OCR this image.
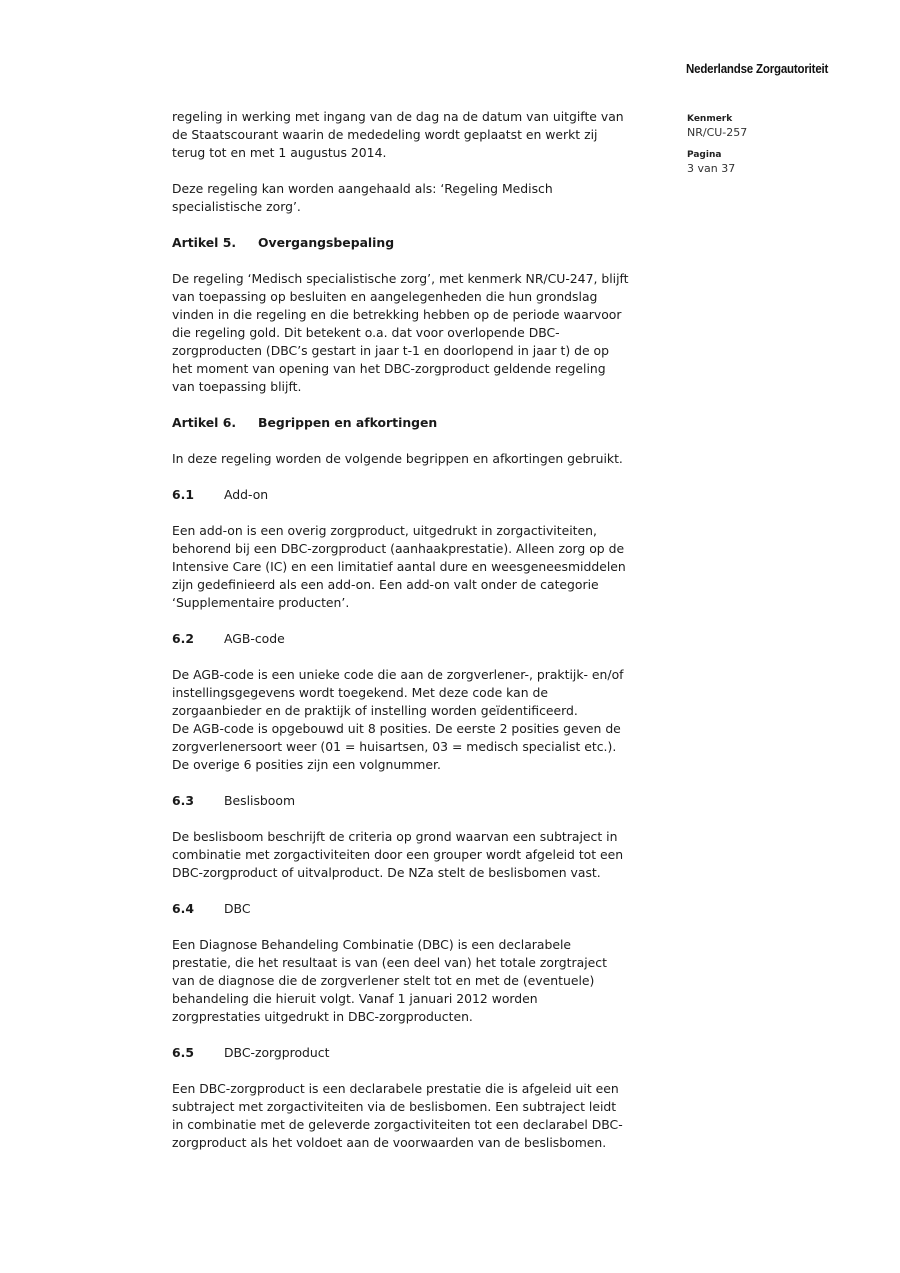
Nederlandse Zorgautoriteit
Kenmerk
NR/CU-257
Pagina
3 van 37

regeling in werking met ingang van de dag na de datum van uitgifte van
de Staatscourant waarin de mededeling wordt geplaatst en werkt zij
terug tot en met 1 augustus 2014.

Deze regeling kan worden aangehaald als: ‘Regeling Medisch
specialistische zorg’.

Artikel 5. Overgangsbepaling

De regeling ‘Medisch specialistische zorg’, met kenmerk NR/CU-247, blijft
van toepassing op besluiten en aangelegenheden die hun grondslag
vinden in die regeling en die betrekking hebben op de periode waarvoor
die regeling gold. Dit betekent o.a. dat voor overlopende DBC-
zorgproducten (DBC’s gestart in jaar t-1 en doorlopend in jaar t) de op
het moment van opening van het DBC-zorgproduct geldende regeling
van toepassing blijft.

Artikel 6. Begrippen en afkortingen

In deze regeling worden de volgende begrippen en afkortingen gebruikt.

6.1 Add-on

Een add-on is een overig zorgproduct, uitgedrukt in zorgactiviteiten,
behorend bij een DBC-zorgproduct (aanhaakprestatie). Alleen zorg op de
Intensive Care (IC) en een limitatief aantal dure en weesgeneesmiddelen
zijn gedefinieerd als een add-on. Een add-on valt onder de categorie
‘Supplementaire producten’.

6.2 AGB-code

De AGB-code is een unieke code die aan de zorgverlener-, praktijk- en/of
instellingsgegevens wordt toegekend. Met deze code kan de
zorgaanbieder en de praktijk of instelling worden geïdentificeerd.
De AGB-code is opgebouwd uit 8 posities. De eerste 2 posities geven de
zorgverlenersoort weer (01 = huisartsen, 03 = medisch specialist etc.).
De overige 6 posities zijn een volgnummer.

6.3 Beslisboom

De beslisboom beschrijft de criteria op grond waarvan een subtraject in
combinatie met zorgactiviteiten door een grouper wordt afgeleid tot een
DBC-zorgproduct of uitvalproduct. De NZa stelt de beslisbomen vast.

6.4 DBC

Een Diagnose Behandeling Combinatie (DBC) is een declarabele
prestatie, die het resultaat is van (een deel van) het totale zorgtraject
van de diagnose die de zorgverlener stelt tot en met de (eventuele)
behandeling die hieruit volgt. Vanaf 1 januari 2012 worden
zorgprestaties uitgedrukt in DBC-zorgproducten.

6.5 DBC-zorgproduct

Een DBC-zorgproduct is een declarabele prestatie die is afgeleid uit een
subtraject met zorgactiviteiten via de beslisbomen. Een subtraject leidt
in combinatie met de geleverde zorgactiviteiten tot een declarabel DBC-
zorgproduct als het voldoet aan de voorwaarden van de beslisbomen.
